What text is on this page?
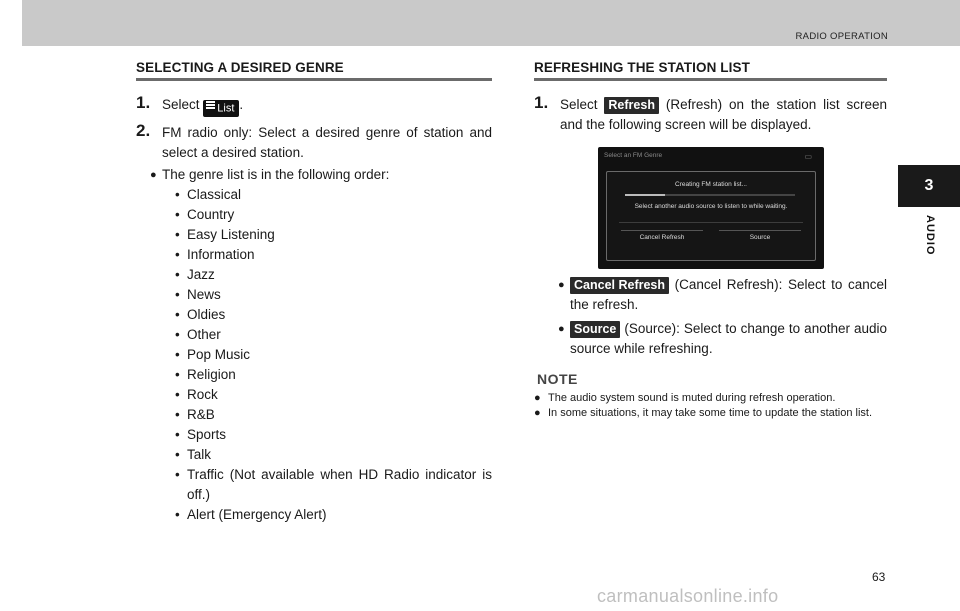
RADIO OPERATION
3
AUDIO
SELECTING A DESIRED GENRE
1. Select List .
2. FM radio only: Select a desired genre of station and select a desired station.
● The genre list is in the following order:
• Classical
• Country
• Easy Listening
• Information
• Jazz
• News
• Oldies
• Other
• Pop Music
• Religion
• Rock
• R&B
• Sports
• Talk
• Traffic (Not available when HD Radio indicator is off.)
• Alert (Emergency Alert)
REFRESHING THE STATION LIST
1. Select Refresh (Refresh) on the station list screen and the following screen will be displayed.
Select an FM Genre	▭
Creating FM station list...
Select another audio source to listen to while waiting.
Cancel Refresh	Source
● Cancel Refresh (Cancel Refresh): Select to cancel the refresh.
● Source (Source): Select to change to another audio source while refreshing.
NOTE
● The audio system sound is muted during refresh operation.
● In some situations, it may take some time to update the station list.
63
carmanualsonline.info
